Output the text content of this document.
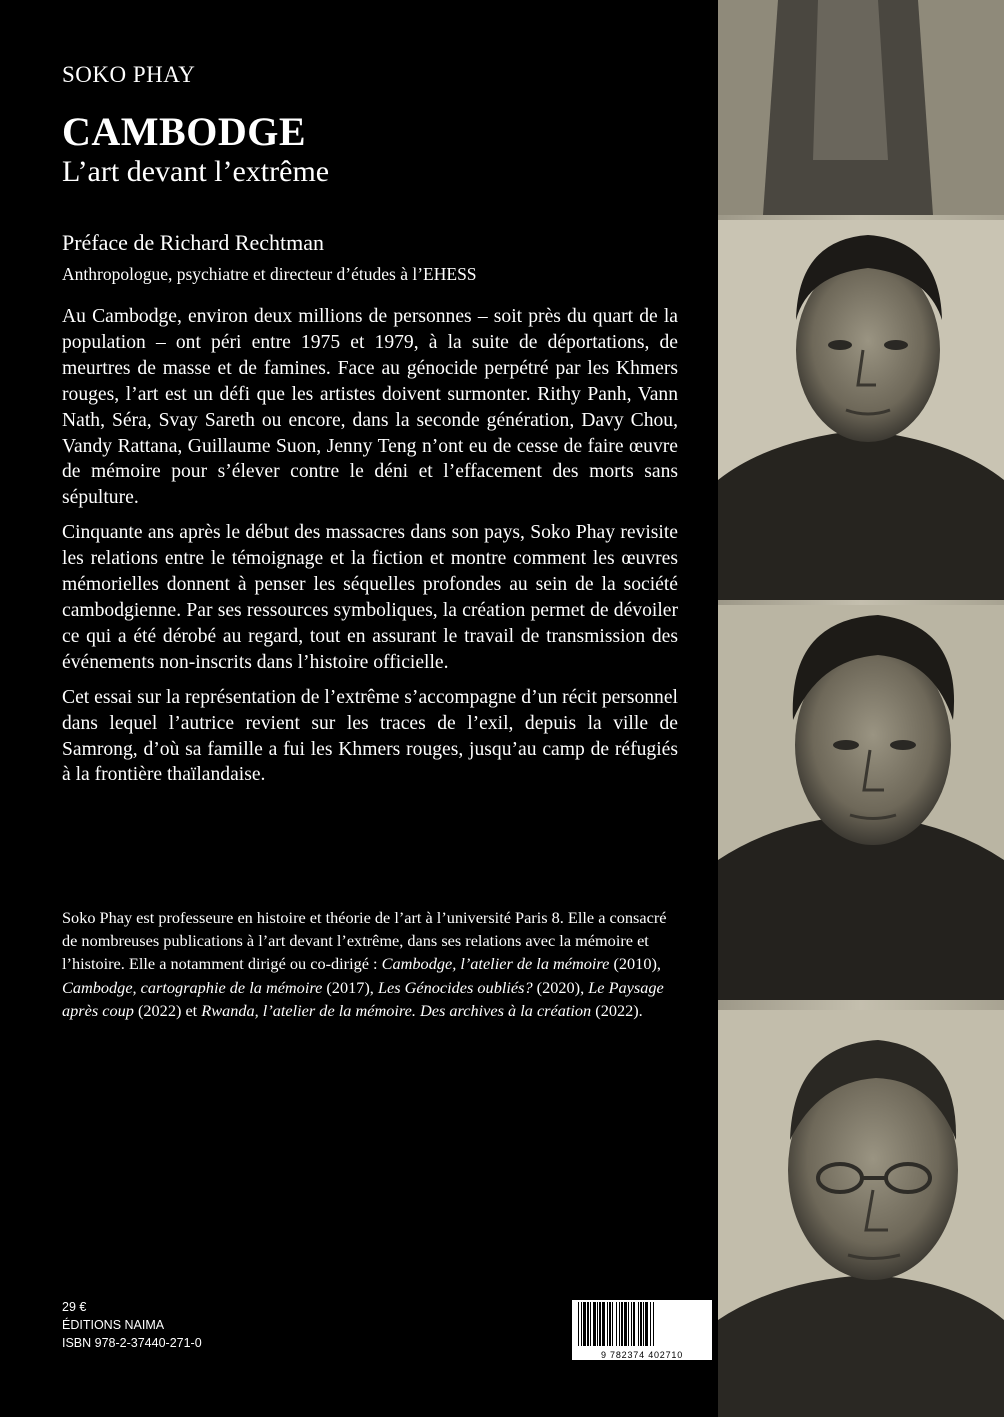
SOKO PHAY
CAMBODGE
L’art devant l’extrême
Préface de Richard Rechtman
Anthropologue, psychiatre et directeur d’études à l’EHESS

Au Cambodge, environ deux millions de personnes – soit près du quart de la population – ont péri entre 1975 et 1979, à la suite de déportations, de meurtres de masse et de famines. Face au génocide perpétré par les Khmers rouges, l’art est un défi que les artistes doivent surmonter. Rithy Panh, Vann Nath, Séra, Svay Sareth ou encore, dans la seconde génération, Davy Chou, Vandy Rattana, Guillaume Suon, Jenny Teng n’ont eu de cesse de faire œuvre de mémoire pour s’élever contre le déni et l’effacement des morts sans sépulture.

Cinquante ans après le début des massacres dans son pays, Soko Phay revisite les relations entre le témoignage et la fiction et montre comment les œuvres mémorielles donnent à penser les séquelles profondes au sein de la société cambodgienne. Par ses ressources symboliques, la création permet de dévoiler ce qui a été dérobé au regard, tout en assurant le travail de transmission des événements non-inscrits dans l’histoire officielle.

Cet essai sur la représentation de l’extrême s’accompagne d’un récit personnel dans lequel l’autrice revient sur les traces de l’exil, depuis la ville de Samrong, d’où sa famille a fui les Khmers rouges, jusqu’au camp de réfugiés à la frontière thaïlandaise.

Soko Phay est professeure en histoire et théorie de l’art à l’université Paris 8. Elle a consacré de nombreuses publications à l’art devant l’extrême, dans ses relations avec la mémoire et l’histoire. Elle a notamment dirigé ou co-dirigé : Cambodge, l’atelier de la mémoire (2010), Cambodge, cartographie de la mémoire (2017), Les Génocides oubliés? (2020), Le Paysage après coup (2022) et Rwanda, l’atelier de la mémoire. Des archives à la création (2022).

29 €
ÉDITIONS NAIMA
ISBN 978-2-37440-271-0
9 782374 402710
